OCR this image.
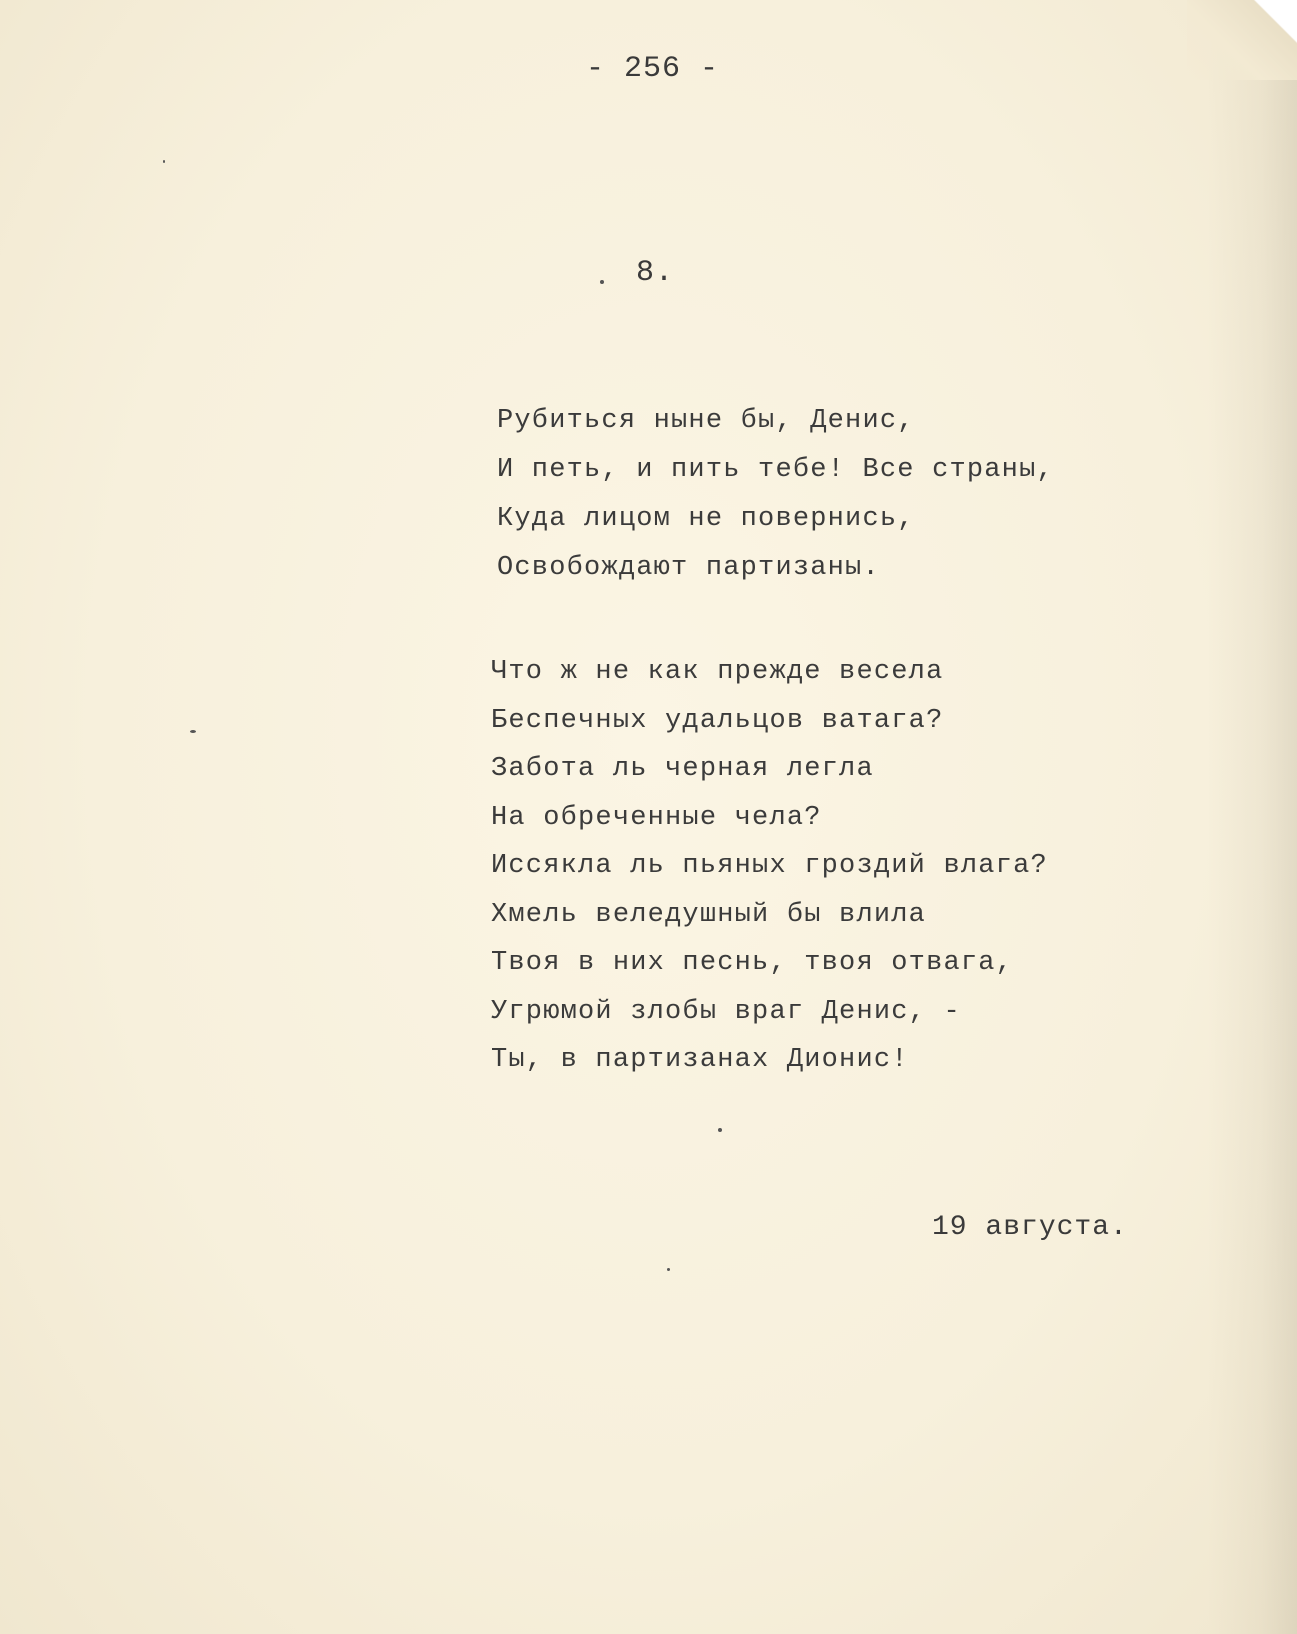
- 256 -

8.

Рубиться ныне бы, Денис,
И петь, и пить тебе! Все страны,
Куда лицом не повернись,
Освобождают партизаны.
Что ж не как прежде весела
Беспечных удальцов ватага?
Забота ль черная легла
На обреченные чела?
Иссякла ль пьяных гроздий влага?
Хмель веледушный бы влила
Твоя в них песнь, твоя отвага,
Угрюмой злобы враг Денис, -
Ты, в партизанах Дионис!

19 августа.
